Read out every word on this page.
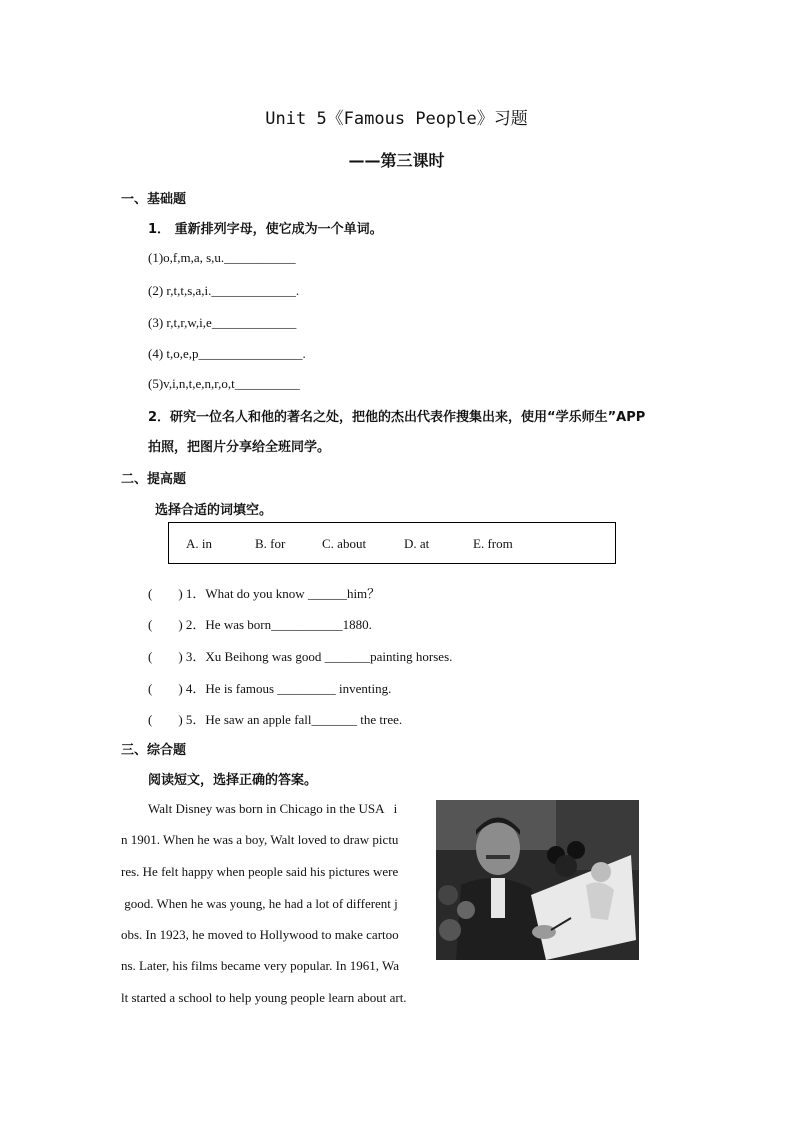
Unit 5《Famous People》习题
——第三课时
一、基础题
1． 重新排列字母，使它成为一个单词。
(1)o,f,m,a, s,u.___________
(2) r,t,t,s,a,i._____________.
(3) r,t,r,w,i,e_____________
(4) t,o,e,p________________.
(5)v,i,n,t,e,n,r,o,t__________
2．研究一位名人和他的著名之处，把他的杰出代表作搜集出来，使用“学乐师生”APP
拍照，把图片分享给全班同学。
二、提高题
选择合适的词填空。
A. in	B. for	C. about	D. at	E. from
(        ) 1．What do you know ______him？
(        ) 2．He was born___________1880.
(        ) 3．Xu Beihong was good _______painting horses.
(        ) 4．He is famous _________ inventing.
(        ) 5．He saw an apple fall_______ the tree.
三、综合题
阅读短文，选择正确的答案。
Walt Disney was born in Chicago in the USA   i
n 1901. When he was a boy, Walt loved to draw pictu
res. He felt happy when people said his pictures were
good. When he was young, he had a lot of different j
obs. In 1923, he moved to Hollywood to make cartoo
ns. Later, his films became very popular. In 1961, Wa
lt started a school to help young people learn about art.
